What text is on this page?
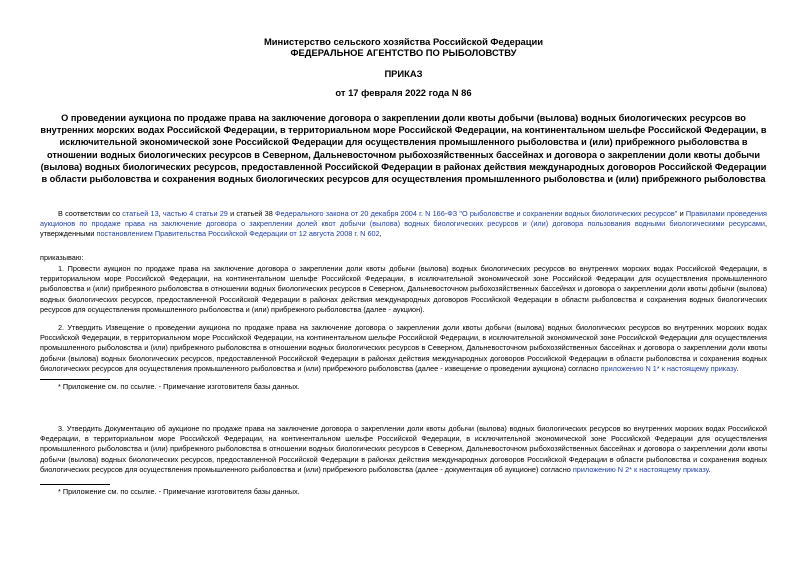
Министерство сельского хозяйства Российской Федерации
ФЕДЕРАЛЬНОЕ АГЕНТСТВО ПО РЫБОЛОВСТВУ
ПРИКАЗ
от 17 февраля 2022 года N 86
О проведении аукциона по продаже права на заключение договора о закреплении доли квоты добычи (вылова) водных биологических ресурсов во внутренних морских водах Российской Федерации, в территориальном море Российской Федерации, на континентальном шельфе Российской Федерации, в исключительной экономической зоне Российской Федерации для осуществления промышленного рыболовства и (или) прибрежного рыболовства в отношении водных биологических ресурсов в Северном, Дальневосточном рыбохозяйственных бассейнах и договора о закреплении доли квоты добычи (вылова) водных биологических ресурсов, предоставленной Российской Федерации в районах действия международных договоров Российской Федерации в области рыболовства и сохранения водных биологических ресурсов для осуществления промышленного рыболовства и (или) прибрежного рыболовства

В соответствии со статьей 13, частью 4 статьи 29 и статьей 38 Федерального закона от 20 декабря 2004 г. N 166-ФЗ "О рыболовстве и сохранении водных биологических ресурсов" и Правилами проведения аукционов по продаже права на заключение договора о закреплении долей квот добычи (вылова) водных биологических ресурсов и (или) договора пользования водными биологическими ресурсами, утвержденными постановлением Правительства Российской Федерации от 12 августа 2008 г. N 602,

приказываю:

1. Провести аукцион по продаже права на заключение договора о закреплении доли квоты добычи (вылова) водных биологических ресурсов во внутренних морских водах Российской Федерации, в территориальном море Российской Федерации, на континентальном шельфе Российской Федерации, в исключительной экономической зоне Российской Федерации для осуществления промышленного рыболовства и (или) прибрежного рыболовства в отношении водных биологических ресурсов в Северном, Дальневосточном рыбохозяйственных бассейнах и договора о закреплении доли квоты добычи (вылова) водных биологических ресурсов, предоставленной Российской Федерации в районах действия международных договоров Российской Федерации в области рыболовства и сохранения водных биологических ресурсов для осуществления промышленного рыболовства и (или) прибрежного рыболовства (далее - аукцион).

2. Утвердить Извещение о проведении аукциона по продаже права на заключение договора о закреплении доли квоты добычи (вылова) водных биологических ресурсов во внутренних морских водах Российской Федерации, в территориальном море Российской Федерации, на континентальном шельфе Российской Федерации, в исключительной экономической зоне Российской Федерации для осуществления промышленного рыболовства и (или) прибрежного рыболовства в отношении водных биологических ресурсов в Северном, Дальневосточном рыбохозяйственных бассейнах и договора о закреплении доли квоты добычи (вылова) водных биологических ресурсов, предоставленной Российской Федерации в районах действия международных договоров Российской Федерации в области рыболовства и сохранения водных биологических ресурсов для осуществления промышленного рыболовства и (или) прибрежного рыболовства (далее - извещение о проведении аукциона) согласно приложению N 1* к настоящему приказу.

* Приложение см. по ссылке. - Примечание изготовителя базы данных.

3. Утвердить Документацию об аукционе по продаже права на заключение договора о закреплении доли квоты добычи (вылова) водных биологических ресурсов во внутренних морских водах Российской Федерации, в территориальном море Российской Федерации, на континентальном шельфе Российской Федерации, в исключительной экономической зоне Российской Федерации для осуществления промышленного рыболовства и (или) прибрежного рыболовства в отношении водных биологических ресурсов в Северном, Дальневосточном рыбохозяйственных бассейнах и договора о закреплении доли квоты добычи (вылова) водных биологических ресурсов, предоставленной Российской Федерации в районах действия международных договоров Российской Федерации в области рыболовства и сохранения водных биологических ресурсов для осуществления промышленного рыболовства и (или) прибрежного рыболовства (далее - документация об аукционе) согласно приложению N 2* к настоящему приказу.

* Приложение см. по ссылке. - Примечание изготовителя базы данных.
